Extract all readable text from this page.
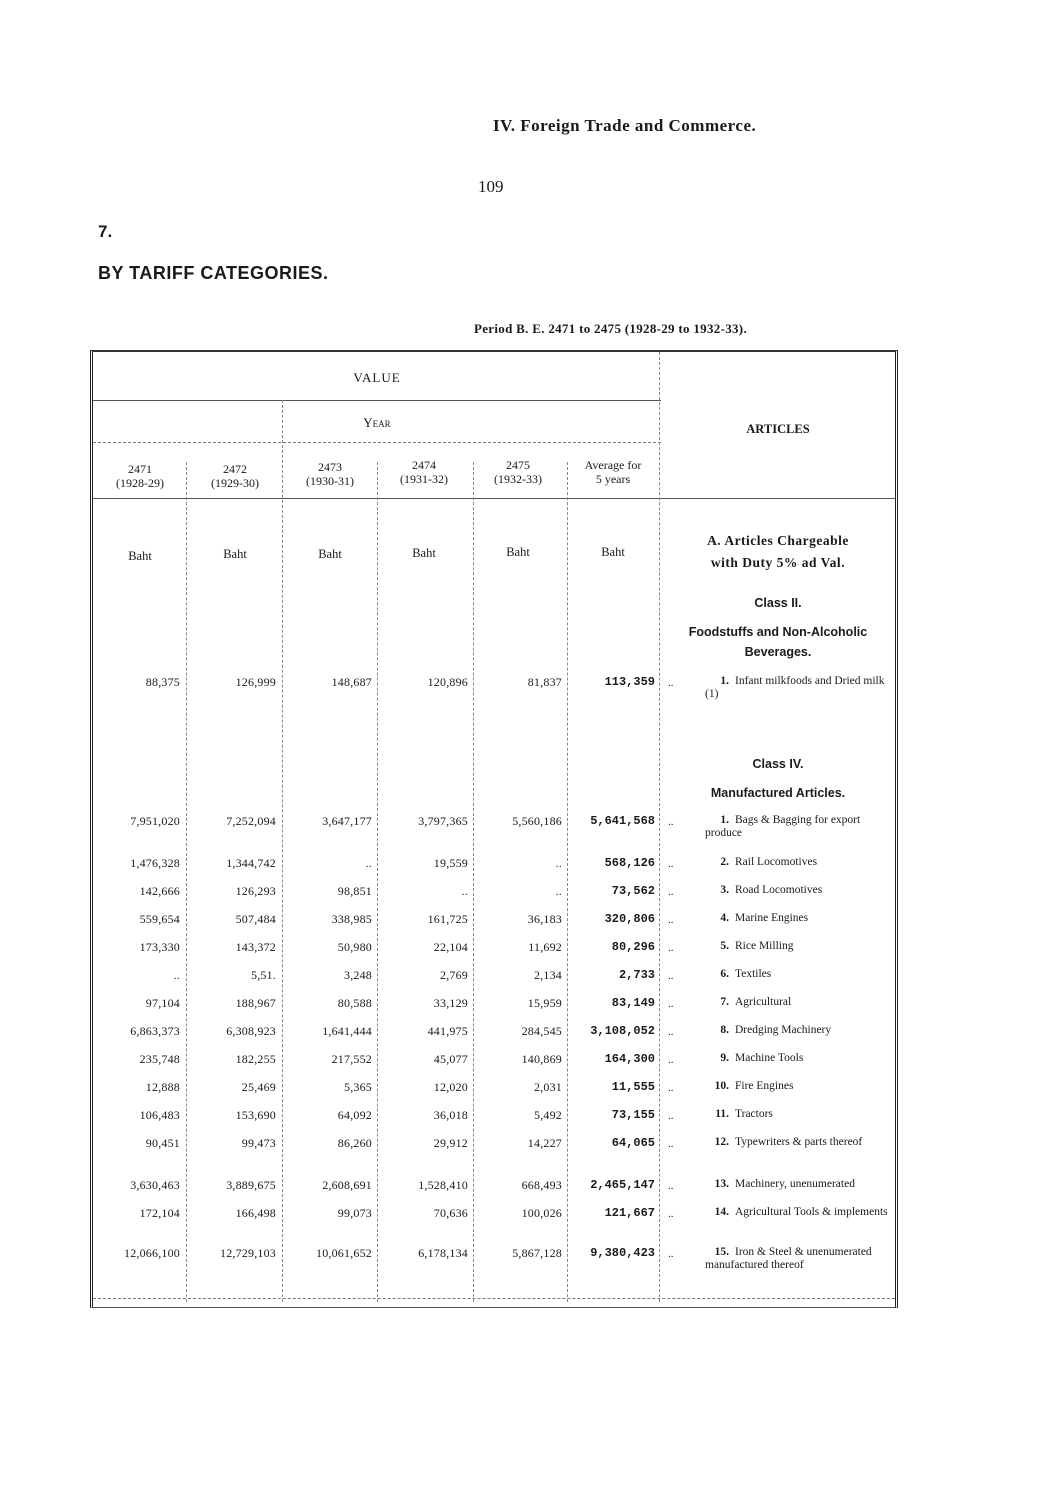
IV. Foreign Trade and Commerce.
109
7.
BY TARIFF CATEGORIES.
Period B. E. 2471 to 2475 (1928-29 to 1932-33).
VALUE
Year	ARTICLES
2471
(1928-29)
2472
(1929-30)
2473
(1930-31)
2474
(1931-32)
2475
(1932-33)
Average for
5 years
Baht	Baht	Baht	Baht	Baht	Baht
A. Articles Chargeable
with Duty 5% ad Val.
Class II.
Foodstuffs and Non-Alcoholic
Beverages.
Class IV.
Manufactured Articles.
88,375	126,999	148,687	120,896	81,837	113,359 ..	1. Infant milkfoods and Dried milk (1)
7,951,020	7,252,094	3,647,177	3,797,365	5,560,186 5,641,568 ..	1. Bags & Bagging for export produce
1,476,328	1,344,742	..	19,559	..	568,126 ..	2. Rail Locomotives
142,666	126,293	98,851	..	..	73,562 ..	3. Road Locomotives
559,654	507,484	338,985	161,725	36,183	320,806 ..	4. Marine Engines
173,330	143,372	50,980	22,104	11,692	80,296 ..	5. Rice Milling
..	5,51.	3,248	2,769	2,134	2,733 ..	6. Textiles
97,104	188,967	80,588	33,129	15,959	83,149 ..	7. Agricultural
6,863,373	6,308,923	1,641,444	441,975	284,545 3,108,052 ..	8. Dredging Machinery
235,748	182,255	217,552	45,077	140,869	164,300 ..	9. Machine Tools
12,888	25,469	5,365	12,020	2,031	11,555 ..	10. Fire Engines
106,483	153,690	64,092	36,018	5,492	73,155 ..	11. Tractors
90,451	99,473	86,260	29,912	14,227	64,065 ..	12. Typewriters & parts thereof
3,630,463	3,889,675	2,608,691	1,528,410	668,493 2,465,147 ..	13. Machinery, unenumerated
172,104	166,498	99,073	70,636	100,026	121,667 ..	14. Agricultural Tools & implements
12,066,100	12,729,103	10,061,652	6,178,134	5,867,128 9,380,423 ..	15. Iron & Steel & unenumerated manufactured thereof
